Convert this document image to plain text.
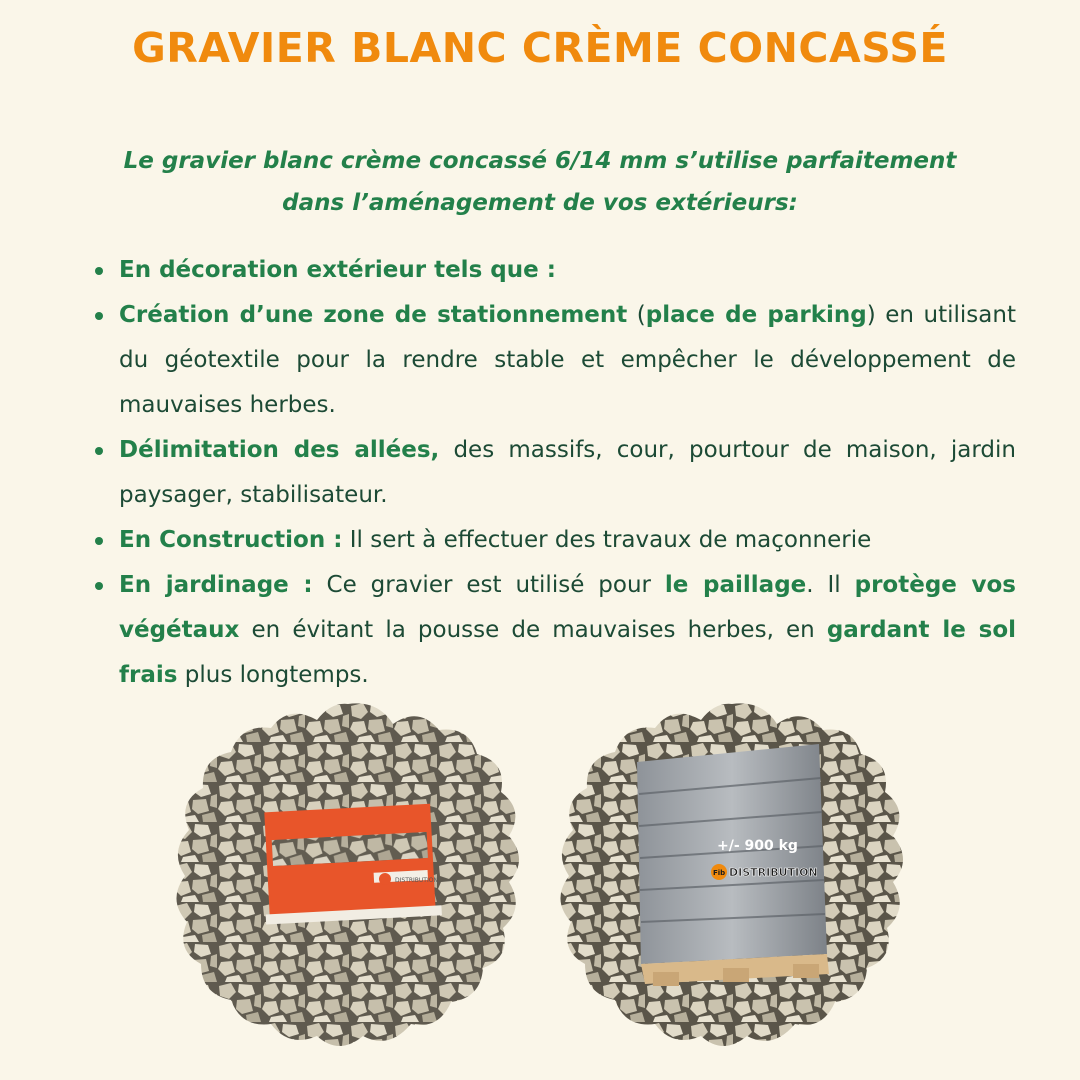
GRAVIER BLANC CRÈME CONCASSÉ

Le gravier blanc crème concassé 6/14 mm s’utilise parfaitement
dans l’aménagement de vos extérieurs:

En décoration extérieur tels que :
Création d’une zone de stationnement (place de parking) en utilisant du géotextile pour la rendre stable et empêcher le développement de mauvaises herbes.
Délimitation des allées, des massifs, cour, pourtour de maison, jardin paysager, stabilisateur.
En Construction : Il sert à effectuer des travaux de maçonnerie
En jardinage : Ce gravier est utilisé pour le paillage. Il protège vos végétaux en évitant la pousse de mauvaises herbes, en gardant le sol frais plus longtemps.
DISTRIBUTION
+/- 900 kg
Fib DISTRIBUTION
